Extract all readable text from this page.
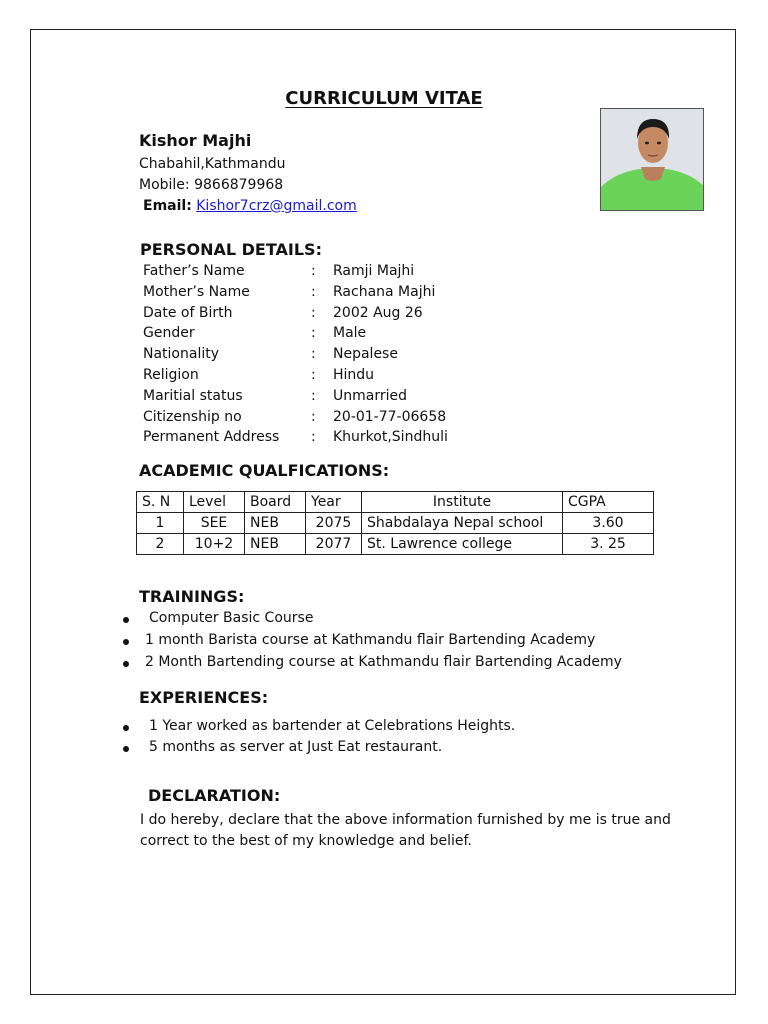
CURRICULUM VITAE
Kishor Majhi
Chabahil,Kathmandu
Mobile: 9866879968
Email: Kishor7crz@gmail.com
PERSONAL DETAILS:
Father’s Name	: Ramji Majhi
Mother’s Name	: Rachana Majhi
Date of Birth	: 2002 Aug 26
Gender	: Male
Nationality	: Nepalese
Religion	: Hindu
Maritial status	: Unmarried
Citizenship no	: 20-01-77-06658
Permanent Address : Khurkot,Sindhuli
ACADEMIC QUALFICATIONS:
S. N	Level	Board	Year	Institute	CGPA
1	SEE	NEB	2075	Shabdalaya Nepal school	3.60
2	10+2	NEB	2077	St. Lawrence college	3. 25
TRAININGS:
Computer Basic Course
1 month Barista course at Kathmandu flair Bartending Academy
2 Month Bartending course at Kathmandu flair Bartending Academy
EXPERIENCES:
1 Year worked as bartender at Celebrations Heights.
5 months as server at Just Eat restaurant.
DECLARATION:
I do hereby, declare that the above information furnished by me is true and correct to the best of my knowledge and belief.
